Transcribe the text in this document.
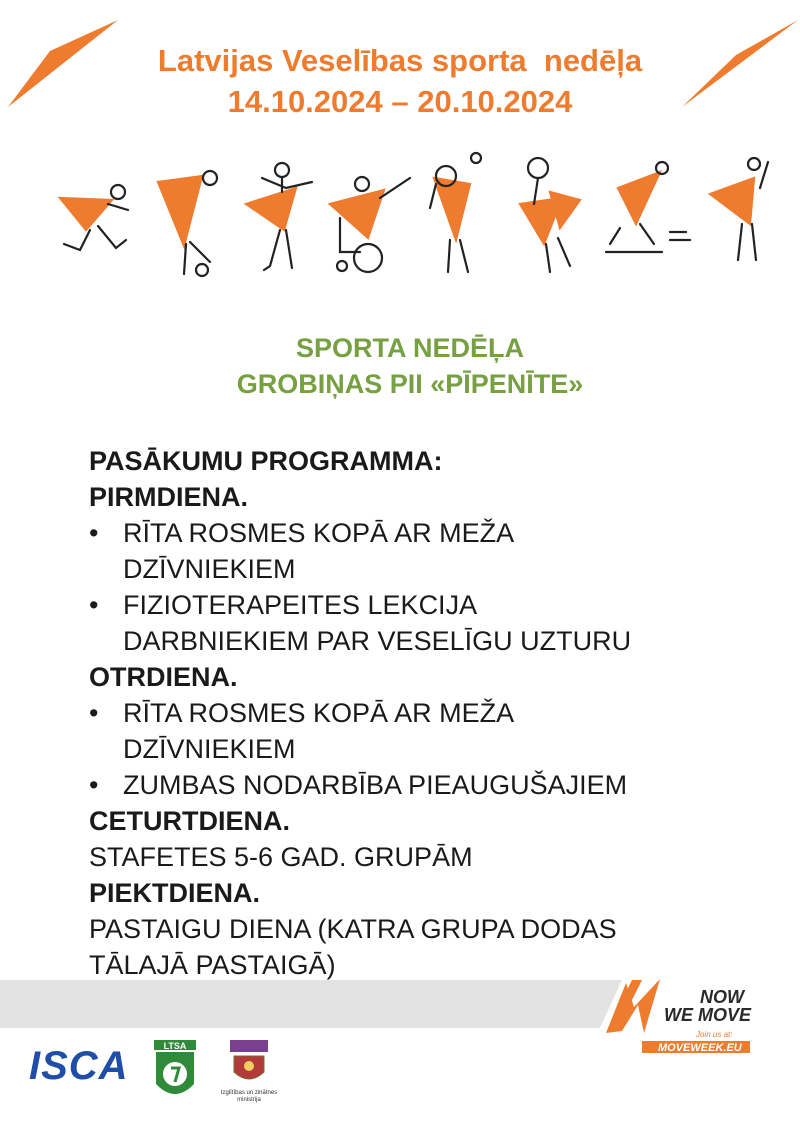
Latvijas Veselības sporta  nedēļa
14.10.2024 – 20.10.2024
SPORTA NEDĒĻA
GROBIŅAS PII «PĪPENĪTE»
PASĀKUMU PROGRAMMA:
PIRMDIENA.
• RĪTA ROSMES KOPĀ AR MEŽA
DZĪVNIEKIEM
• FIZIOTERAPEITES LEKCIJA
DARBNIEKIEM PAR VESELĪGU UZTURU
OTRDIENA.
• RĪTA ROSMES KOPĀ AR MEŽA
DZĪVNIEKIEM
• ZUMBAS NODARBĪBA PIEAUGUŠAJIEM
CETURTDIENA.
STAFETES 5-6 GAD. GRUPĀM
PIEKTDIENA.
PASTAIGU DIENA (KATRA GRUPA DODAS
TĀLAJĀ PASTAIGĀ)
NOW
WE MOVE
Join us at:
MOVEWEEK.EU
ISCA	LTSA
Izglītības un zinātnes ministrija
